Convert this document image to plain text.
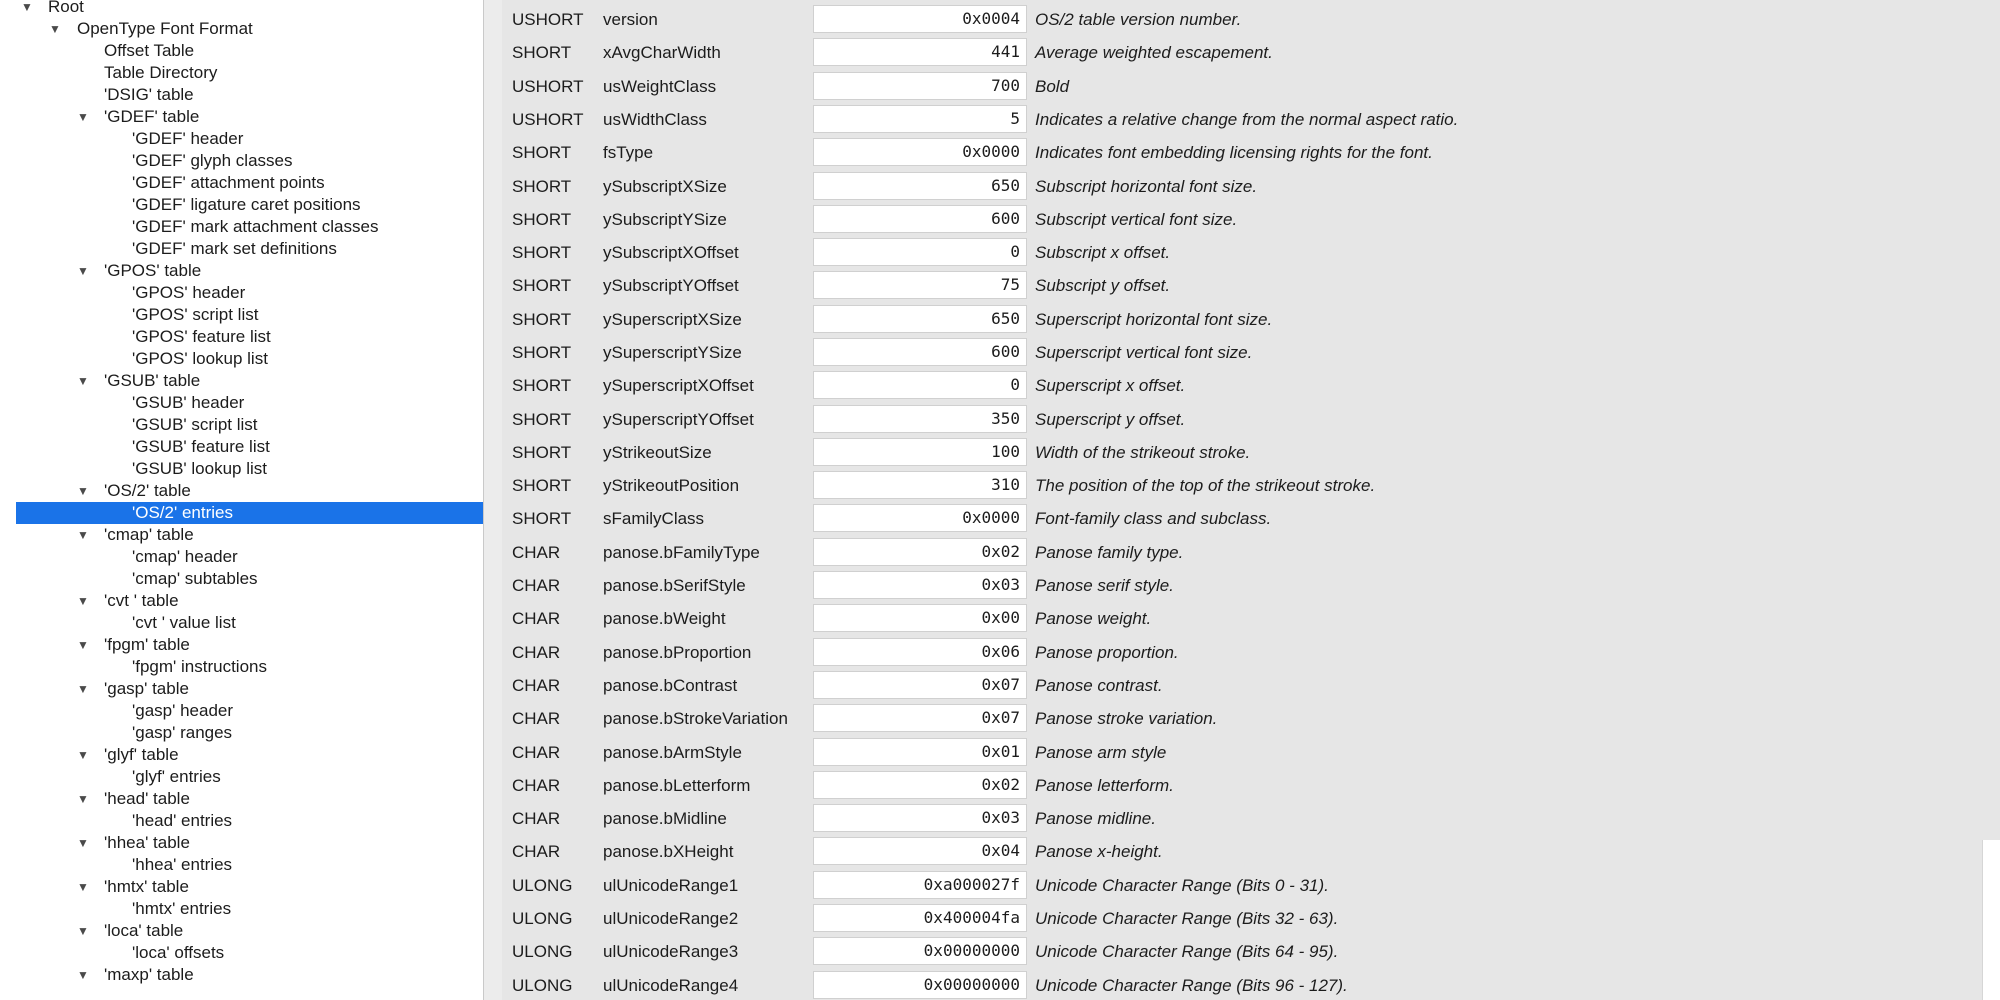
▼ Root
▼ OpenType Font Format
Offset Table
Table Directory
'DSIG' table
▼ 'GDEF' table
'GDEF' header
'GDEF' glyph classes
'GDEF' attachment points
'GDEF' ligature caret positions
'GDEF' mark attachment classes
'GDEF' mark set definitions
▼ 'GPOS' table
'GPOS' header
'GPOS' script list
'GPOS' feature list
'GPOS' lookup list
▼ 'GSUB' table
'GSUB' header
'GSUB' script list
'GSUB' feature list
'GSUB' lookup list
▼ 'OS/2' table
'OS/2' entries
▼ 'cmap' table
'cmap' header
'cmap' subtables
▼ 'cvt ' table
'cvt ' value list
▼ 'fpgm' table
'fpgm' instructions
▼ 'gasp' table
'gasp' header
'gasp' ranges
▼ 'glyf' table
'glyf' entries
▼ 'head' table
'head' entries
▼ 'hhea' table
'hhea' entries
▼ 'hmtx' table
'hmtx' entries
▼ 'loca' table
'loca' offsets
▼ 'maxp' table
USHORT version	0x0004 OS/2 table version number.
SHORT xAvgCharWidth	441 Average weighted escapement.
USHORT usWeightClass	700 Bold
USHORT usWidthClass	5 Indicates a relative change from the normal aspect ratio.
SHORT fsType	0x0000 Indicates font embedding licensing rights for the font.
SHORT ySubscriptXSize	650 Subscript horizontal font size.
SHORT ySubscriptYSize	600 Subscript vertical font size.
SHORT ySubscriptXOffset	0 Subscript x offset.
SHORT ySubscriptYOffset	75 Subscript y offset.
SHORT ySuperscriptXSize	650 Superscript horizontal font size.
SHORT ySuperscriptYSize	600 Superscript vertical font size.
SHORT ySuperscriptXOffset	0 Superscript x offset.
SHORT ySuperscriptYOffset	350 Superscript y offset.
SHORT yStrikeoutSize	100 Width of the strikeout stroke.
SHORT yStrikeoutPosition	310 The position of the top of the strikeout stroke.
SHORT sFamilyClass	0x0000 Font-family class and subclass.
CHAR	panose.bFamilyType	0x02 Panose family type.
CHAR	panose.bSerifStyle	0x03 Panose serif style.
CHAR	panose.bWeight	0x00 Panose weight.
CHAR	panose.bProportion	0x06 Panose proportion.
CHAR	panose.bContrast	0x07 Panose contrast.
CHAR	panose.bStrokeVariation	0x07 Panose stroke variation.
CHAR	panose.bArmStyle	0x01 Panose arm style
CHAR	panose.bLetterform	0x02 Panose letterform.
CHAR	panose.bMidline	0x03 Panose midline.
CHAR	panose.bXHeight	0x04 Panose x-height.
ULONG ulUnicodeRange1	0xa000027f Unicode Character Range (Bits 0 - 31).
ULONG ulUnicodeRange2	0x400004fa Unicode Character Range (Bits 32 - 63).
ULONG ulUnicodeRange3	0x00000000 Unicode Character Range (Bits 64 - 95).
ULONG ulUnicodeRange4	0x00000000 Unicode Character Range (Bits 96 - 127).
